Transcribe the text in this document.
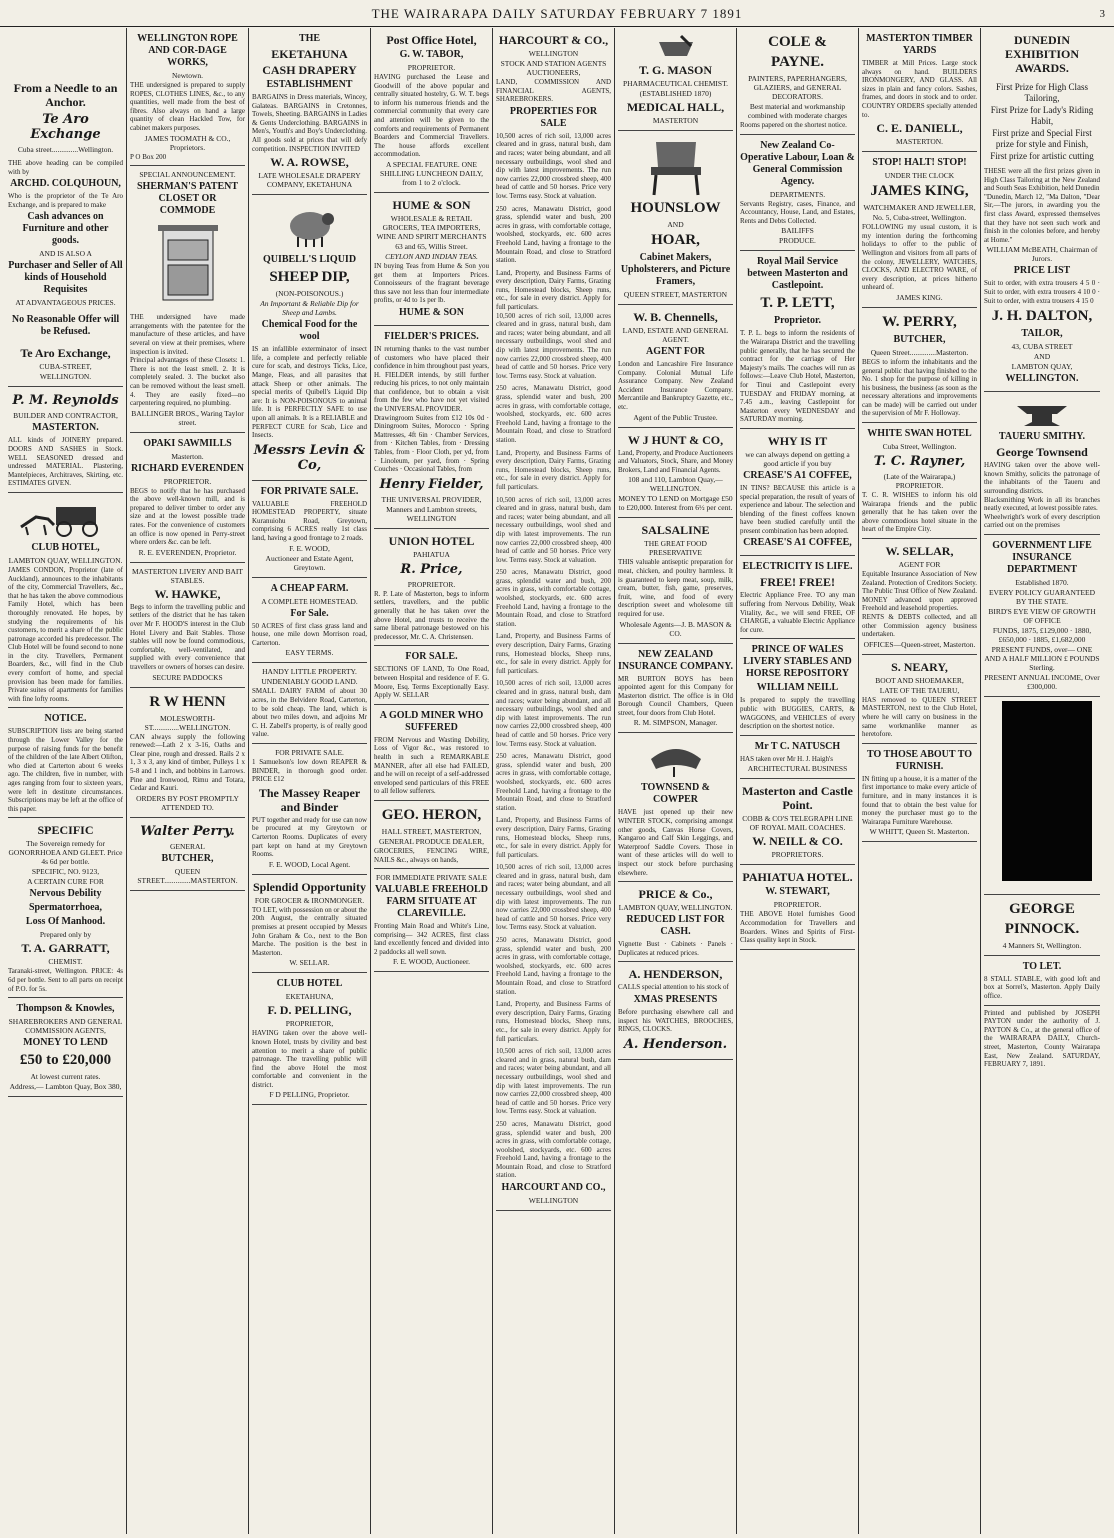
THE WAIRARAPA DAILY SATURDAY FEBRUARY 7 1891	3
From a Needle to an Anchor.
Te Aro Exchange
Cuba street..............Wellington.
THE above heading can be compiled with by
ARCHD. COLQUHOUN,
Who is the proprietor of the Te Aro Exchange, and is prepared to make
Cash advances on Furniture and other goods.
AND IS ALSO A
Purchaser and Seller of All kinds of Household Requisites
AT ADVANTAGEOUS PRICES.
No Reasonable Offer will be Refused.
Te Aro Exchange,
CUBA-STREET,
WELLINGTON.
P. M. Reynolds
BUILDER AND CONTRACTOR,
MASTERTON.
ALL kinds of JOINERY prepared. DOORS AND SASHES in Stock. WELL SEASONED dressed and undressed MATERIAL. Plastering, Mantelpieces, Architraves, Skirting, etc. ESTIMATES GIVEN.
CLUB HOTEL,
LAMBTON QUAY, WELLINGTON.
JAMES CONDON, Proprietor (late of Auckland), announces to the inhabitants of the city, Commercial Travellers, &c., that he has taken the above commodious Family Hotel, which has been thoroughly renovated. He hopes, by studying the requirements of his customers, to merit a share of the public patronage accorded his predecessor. The Club Hotel will be found second to none in the city. Travellers, Permanent Boarders, &c., will find in the Club every comfort of home, and special provision has been made for families. Private suites of apartments for families with fine lofty rooms.
NOTICE.
SUBSCRIPTION lists are being started through the Lower Valley for the purpose of raising funds for the benefit of the children of the late Albert Olifton, who died at Carterton about 6 weeks ago. The children, five in number, with ages ranging from four to sixteen years, were left in destitute circumstances. Subscriptions may be left at the office of this paper.
SPECIFIC
The Sovereign remedy for GONORRHOEA AND GLEET. Price 4s 6d per bottle.
SPECIFIC, NO. 9123,
A CERTAIN CURE FOR
Nervous Debility
Spermatorrhoea,
Loss Of Manhood.
Prepared only by
T. A. GARRATT,
CHEMIST.
Taranaki-street, Wellington. PRICE: 4s 6d per bottle. Sent to all parts on receipt of P.O. for 5s.
Thompson & Knowles,
SHAREBROKERS AND GENERAL COMMISSION AGENTS,
MONEY TO LEND
£50 to £20,000
At lowest current rates.
Address,— Lambton Quay, Box 380,
WELLINGTON ROPE AND COR-DAGE WORKS,
Newtown.
THE undersigned is prepared to supply ROPES, CLOTHES LINES, &c., to any quantities, well made from the best of fibres. Also always on hand a large quantity of clean Hackled Tow, for cabinet makers purposes.
JAMES TOOMATH & CO., Proprietors.
P O Box 200
SPECIAL ANNOUNCEMENT.
SHERMAN'S PATENT CLOSET OR COMMODE
THE undersigned have made arrangements with the patentee for the manufacture of these articles, and have several on view at their premises, where inspection is invited.
Principal advantages of these Closets: 1. There is not the least smell. 2. It is completely sealed. 3. The bucket also can be removed without the least smell. 4. They are easily fixed—no carpentering required, no plumbing.
BALLINGER BROS., Waring Taylor street.
OPAKI SAWMILLS
Masterton.
RICHARD EVERENDEN
PROPRIETOR.
BEGS to notify that he has purchased the above well-known mill, and is prepared to deliver timber to order any size and at the lowest possible trade rates. For the convenience of customers an office is now opened in Perry-street where orders &c. can be left.
R. E. EVERENDEN, Proprietor.
MASTERTON LIVERY AND BAIT STABLES.
W. HAWKE,
Begs to inform the travelling public and settlers of the district that he has taken over Mr F. HOOD'S interest in the Club Hotel Livery and Bait Stables. Those stables will now be found commodious, comfortable, well-ventilated, and supplied with every convenience that travellers or owners of horses can desire.
SECURE PADDOCKS
R W HENN
MOLESWORTH-ST..............WELLINGTON.
CAN always supply the following renewed:—Lath 2 x 3-16, Oaths and Clear pine, rough and dressed. Rails 2 x 1, 3 x 3, any kind of timber, Pulleys 1 x 5-8 and 1 inch, and bobbins in Larrows. Pine and Ironwood, Rimu and Totara, Cedar and Kauri.
ORDERS BY POST PROMPTLY ATTENDED TO.
Walter Perry.
GENERAL
BUTCHER,
QUEEN STREET..............MASTERTON.
THE
EKETAHUNA
CASH DRAPERY
ESTABLISHMENT
BARGAINS in Dress materials, Wincey, Galateas. BARGAINS in Cretonnes, Towels, Sheeting. BARGAINS in Ladies & Gents Underclothing. BARGAINS in Men's, Youth's and Boy's Underclothing. All goods sold at prices that will defy competition. INSPECTION INVITED
W. A. ROWSE,
LATE WHOLESALE DRAPERY COMPANY, EKETAHUNA
QUIBELL'S LIQUID
SHEEP DIP,
(NON-POISONOUS.)
An Important & Reliable Dip for Sheep and Lambs.
Chemical Food for the wool
IS an infallible exterminator of insect life, a complete and perfectly reliable cure for scab, and destroys Ticks, Lice, Mange, Fleas, and all parasites that attack Sheep or other animals. The special merits of Quibell's Liquid Dip are: It is NON-POISONOUS to animal life. It is PERFECTLY SAFE to use upon all animals. It is a RELIABLE and PERFECT CURE for Scab, Lice and Insects.
Messrs Levin & Co,
FOR PRIVATE SALE.
VALUABLE FREEHOLD HOMESTEAD PROPERTY, situate Kuranuiohu Road, Greytown, comprising 6 ACRES really 1st class land, having a good frontage to 2 roads.
F. E. WOOD,
Auctioneer and Estate Agent, Greytown.
A CHEAP FARM.
A COMPLETE HOMESTEAD.
For Sale.
50 ACRES of first class grass land and house, one mile down Morrison road, Carterton.
EASY TERMS.
HANDY LITTLE PROPERTY.
UNDENIABLY GOOD LAND.
SMALL DAIRY FARM of about 30 acres, in the Belvidere Road, Carterton, to be sold cheap. The land, which is about two miles down, and adjoins Mr C. H. Zabell's property, is of really good value.
FOR PRIVATE SALE.
1 Samuelson's low down REAPER & BINDER, in thorough good order. PRICE £12
The Massey Reaper and Binder
PUT together and ready for use can now be procured at my Greytown or Carterton Rooms. Duplicates of every part kept on hand at my Greytown Rooms.
F. E. WOOD, Local Agent.
Splendid Opportunity
FOR GROCER & IRONMONGER.
TO LET, with possession on or about the 20th August, the centrally situated premises at present occupied by Messrs John Graham & Co., next to the Bon Marche. The position is the best in Masterton.
W. SELLAR.
CLUB HOTEL
EKETAHUNA,
F. D. PELLING,
PROPRIETOR,
HAVING taken over the above well-known Hotel, trusts by civility and best attention to merit a share of public patronage. The travelling public will find the above Hotel the most comfortable and convenient in the district.
F D PELLING, Proprietor.
Post Office Hotel,
G. W. TABOR,
PROPRIETOR.
HAVING purchased the Lease and Goodwill of the above popular and centrally situated hostelry, G. W. T. begs to inform his numerous friends and the commercial community that every care and attention will be given to the comforts and requirements of Permanent Boarders and Commercial Travellers. The house affords excellent accommodation.
A SPECIAL FEATURE. ONE SHILLING LUNCHEON DAILY, from 1 to 2 o'clock.
HUME & SON
WHOLESALE & RETAIL GROCERS, TEA IMPORTERS, WINE AND SPIRIT MERCHANTS
63 and 65, Willis Street.
CEYLON AND INDIAN TEAS.
IN buying Teas from Hume & Son you get them at Importers Prices. Connoisseurs of the fragrant beverage thus save not less than four intermediate profits, or 4d to 1s per lb.
HUME & SON
FIELDER'S PRICES.
IN returning thanks to the vast number of customers who have placed their confidence in him throughout past years, H. FIELDER intends, by still further reducing his prices, to not only maintain that confidence, but to obtain a visit from the few who have not yet visited the UNIVERSAL PROVIDER.
Drawingroom Suites from £12 10s 0d · Diningroom Suites, Morocco · Spring Mattresses, 4ft 6in · Chamber Services, from · Kitchen Tables, from · Dressing Tables, from · Floor Cloth, per yd, from · Linoleum, per yard, from · Spring Couches · Occasional Tables, from
Henry Fielder,
THE UNIVERSAL PROVIDER,
Manners and Lambton streets, WELLINGTON
UNION HOTEL
PAHIATUA
R. Price,
PROPRIETOR.
R. P. Late of Masterton, begs to inform settlers, travellers, and the public generally that he has taken over the above Hotel, and trusts to receive the same liberal patronage bestowed on his predecessor, Mr. C. A. Christensen.
FOR SALE.
SECTIONS OF LAND, To One Road, between Hospital and residence of F. G. Moore, Esq. Terms Exceptionally Easy. Apply W. SELLAR
A GOLD MINER WHO SUFFERED
FROM Nervous and Wasting Debility, Loss of Vigor &c., was restored to health in such a REMARKABLE MANNER, after all else had FAILED, and he will on receipt of a self-addressed enveloped send particulars of this FREE to all fellow sufferers.
GEO. HERON,
HALL STREET, MASTERTON,
GENERAL PRODUCE DEALER,
GROCERIES, FENCING WIRE, NAILS &c., always on hands,
FOR IMMEDIATE PRIVATE SALE
VALUABLE FREEHOLD FARM SITUATE AT CLAREVILLE.
Fronting Main Road and White's Line, comprising— 342 ACRES, first class land excellently fenced and divided into 2 paddocks all well sown.
F. E. WOOD, Auctioneer.
HARCOURT & CO.,
WELLINGTON
STOCK AND STATION AGENTS AUCTIONEERS,
LAND, COMMISSION AND FINANCIAL AGENTS, SHAREBROKERS.
PROPERTIES FOR SALE
10,500 acres of rich soil, 13,000 acres cleared and in grass, natural bush, dam and races; water being abundant, and all necessary outbuildings, wool shed and dip with latest improvements. The run now carries 22,000 crossbred sheep, 400 head of cattle and 50 horses. Price very low. Terms easy. Stock at valuation.
250 acres, Manawatu District, good grass, splendid water and bush, 200 acres in grass, with comfortable cottage, woolshed, stockyards, etc. 600 acres Freehold Land, having a frontage to the Mountain Road, and close to Stratford station.
Land, Property, and Business Farms of every description, Dairy Farms, Grazing runs, Homestead blocks, Sheep runs, etc., for sale in every district. Apply for full particulars.
10,500 acres of rich soil, 13,000 acres cleared and in grass, natural bush, dam and races; water being abundant, and all necessary outbuildings, wool shed and dip with latest improvements. The run now carries 22,000 crossbred sheep, 400 head of cattle and 50 horses. Price very low. Terms easy. Stock at valuation.
250 acres, Manawatu District, good grass, splendid water and bush, 200 acres in grass, with comfortable cottage, woolshed, stockyards, etc. 600 acres Freehold Land, having a frontage to the Mountain Road, and close to Stratford station.
Land, Property, and Business Farms of every description, Dairy Farms, Grazing runs, Homestead blocks, Sheep runs, etc., for sale in every district. Apply for full particulars.
10,500 acres of rich soil, 13,000 acres cleared and in grass, natural bush, dam and races; water being abundant, and all necessary outbuildings, wool shed and dip with latest improvements. The run now carries 22,000 crossbred sheep, 400 head of cattle and 50 horses. Price very low. Terms easy. Stock at valuation.
250 acres, Manawatu District, good grass, splendid water and bush, 200 acres in grass, with comfortable cottage, woolshed, stockyards, etc. 600 acres Freehold Land, having a frontage to the Mountain Road, and close to Stratford station.
Land, Property, and Business Farms of every description, Dairy Farms, Grazing runs, Homestead blocks, Sheep runs, etc., for sale in every district. Apply for full particulars.
10,500 acres of rich soil, 13,000 acres cleared and in grass, natural bush, dam and races; water being abundant, and all necessary outbuildings, wool shed and dip with latest improvements. The run now carries 22,000 crossbred sheep, 400 head of cattle and 50 horses. Price very low. Terms easy. Stock at valuation.
250 acres, Manawatu District, good grass, splendid water and bush, 200 acres in grass, with comfortable cottage, woolshed, stockyards, etc. 600 acres Freehold Land, having a frontage to the Mountain Road, and close to Stratford station.
Land, Property, and Business Farms of every description, Dairy Farms, Grazing runs, Homestead blocks, Sheep runs, etc., for sale in every district. Apply for full particulars.
10,500 acres of rich soil, 13,000 acres cleared and in grass, natural bush, dam and races; water being abundant, and all necessary outbuildings, wool shed and dip with latest improvements. The run now carries 22,000 crossbred sheep, 400 head of cattle and 50 horses. Price very low. Terms easy. Stock at valuation.
250 acres, Manawatu District, good grass, splendid water and bush, 200 acres in grass, with comfortable cottage, woolshed, stockyards, etc. 600 acres Freehold Land, having a frontage to the Mountain Road, and close to Stratford station.
Land, Property, and Business Farms of every description, Dairy Farms, Grazing runs, Homestead blocks, Sheep runs, etc., for sale in every district. Apply for full particulars.
10,500 acres of rich soil, 13,000 acres cleared and in grass, natural bush, dam and races; water being abundant, and all necessary outbuildings, wool shed and dip with latest improvements. The run now carries 22,000 crossbred sheep, 400 head of cattle and 50 horses. Price very low. Terms easy. Stock at valuation.
250 acres, Manawatu District, good grass, splendid water and bush, 200 acres in grass, with comfortable cottage, woolshed, stockyards, etc. 600 acres Freehold Land, having a frontage to the Mountain Road, and close to Stratford station.
HARCOURT AND CO.,
WELLINGTON
T. G. MASON
PHARMACEUTICAL CHEMIST.
(ESTABLISHED 1870)
MEDICAL HALL,
MASTERTON
HOUNSLOW
AND
HOAR,
Cabinet Makers, Upholsterers, and Picture Framers,
QUEEN STREET, MASTERTON
W. B. Chennells,
LAND, ESTATE AND GENERAL AGENT.
AGENT FOR
London and Lancashire Fire Insurance Company. Colonial Mutual Life Assurance Company. New Zealand Accident Insurance Company. Mercantile and Bankruptcy Gazette, etc., etc.
Agent of the Public Trustee.
W J HUNT & CO,
Land, Property, and Produce Auctioneers and Valuators, Stock, Share, and Money Brokers, Land and Financial Agents.
108 and 110, Lambton Quay,— WELLINGTON.
MONEY TO LEND on Mortgage £50 to £20,000. Interest from 6½ per cent.
SALSALINE
THE GREAT FOOD PRESERVATIVE
THIS valuable antiseptic preparation for meat, chicken, and poultry harmless. It is guaranteed to keep meat, soup, milk, cream, butter, fish, game, preserves, fruit, wine, and food of every description sweet and wholesome till required for use.
Wholesale Agents—J. B. MASON & CO.
NEW ZEALAND INSURANCE COMPANY.
MR BURTON BOYS has been appointed agent for this Company for Masterton district. The office is in Old Borough Council Chambers, Queen street, four doors from Club Hotel.
R. M. SIMPSON, Manager.
TOWNSEND & COWPER
HAVE just opened up their new WINTER STOCK, comprising amongst other goods, Canvas Horse Covers, Kangaroo and Calf Skin Leggings, and Waterproof Saddle Covers. Those in want of these articles will do well to inspect our stock before purchasing elsewhere.
PRICE & Co.,
LAMBTON QUAY, WELLINGTON.
REDUCED LIST FOR CASH.
Vignette Bust · Cabinets · Panels · Duplicates at reduced prices.
A. HENDERSON,
CALLS special attention to his stock of
XMAS PRESENTS
Before purchasing elsewhere call and inspect his WATCHES, BROOCHES, RINGS, CLOCKS.
A. Henderson.
COLE &
PAYNE.
PAINTERS, PAPERHANGERS, GLAZIERS, and GENERAL DECORATORS.
Best material and workmanship combined with moderate charges
Rooms papered on the shortest notice.
New Zealand Co-Operative Labour, Loan & General Commission Agency.
DEPARTMENTS.
Servants Registry, cases, Finance, and Accountancy, House, Land, and Estates, Rents and Debts Collected.
BAILIFFS
PRODUCE.
Royal Mail Service between Masterton and Castlepoint.
T. P. LETT,
Proprietor.
T. P. L. begs to inform the residents of the Wairarapa District and the travelling public generally, that he has secured the contract for the carriage of Her Majesty's mails. The coaches will run as follows:—Leave Club Hotel, Masterton, for Tinui and Castlepoint every TUESDAY and FRIDAY morning, at 7.45 a.m., leaving Castlepoint for Masterton every WEDNESDAY and SATURDAY morning.
WHY IS IT
we can always depend on getting a good article if you buy
CREASE'S A1 COFFEE,
IN TINS? BECAUSE this article is a special preparation, the result of years of experience and labour. The selection and blending of the finest coffees known have been studied carefully until the present combination has been adopted.
CREASE'S A1 COFFEE,
ELECTRICITY IS LIFE.
FREE! FREE!
Electric Appliance Free. TO any man suffering from Nervous Debility, Weak Vitality, &c., we will send FREE, OF CHARGE, a valuable Electric Appliance for cure.
PRINCE OF WALES LIVERY STABLES AND HORSE REPOSITORY
WILLIAM NEILL
Is prepared to supply the travelling public with BUGGIES, CARTS, & WAGGONS, and VEHICLES of every description on the shortest notice.
Mr T C. NATUSCH
HAS taken over Mr H. J. Haigh's
ARCHITECTURAL BUSINESS
Masterton and Castle Point.
COBB & CO'S TELEGRAPH LINE OF ROYAL MAIL COACHES.
W. NEILL & CO.
PROPRIETORS.
PAHIATUA HOTEL.
W. STEWART,
PROPRIETOR.
THE ABOVE Hotel furnishes Good Accommodation for Travellers and Boarders. Wines and Spirits of First-Class quality kept in Stock.
MASTERTON TIMBER YARDS
TIMBER at Mill Prices. Large stock always on hand. BUILDERS IRONMONGERY, AND GLASS. All sizes in plain and fancy colors. Sashes, frames, and doors in stock and to order. COUNTRY ORDERS specially attended to.
C. E. DANIELL,
MASTERTON.
STOP! HALT! STOP!
UNDER THE CLOCK
JAMES KING,
WATCHMAKER AND JEWELLER,
No. 5, Cuba-street, Wellington.
FOLLOWING my usual custom, it is my intention during the forthcoming holidays to offer to the public of Wellington and visitors from all parts of the colony, JEWELLERY, WATCHES, CLOCKS, AND ELECTRO WARE, of every description, at prices hitherto unheard of.
JAMES KING.
W. PERRY,
BUTCHER,
Queen Street..............Masterton.
BEGS to inform the inhabitants and the general public that having finished to the No. 1 shop for the purpose of killing in his business, the business (as soon as the necessary alterations and improvements can be made) will be carried out under the supervision of Mr F. Holloway.
WHITE SWAN HOTEL
Cuba Street, Wellington.
T. C. Rayner,
(Late of the Wairarapa,) PROPRIETOR.
T. C. R. WISHES to inform his old Wairarapa friends and the public generally that he has taken over the above commodious hotel situate in the heart of the Empire City.
W. SELLAR,
AGENT FOR
Equitable Insurance Association of New Zealand. Protection of Creditors Society. The Public Trust Office of New Zealand. MONEY advanced upon approved Freehold and leasehold properties.
RENTS & DEBTS collected, and all other Commission agency business undertaken.
OFFICES—Queen-street, Masterton.
S. NEARY,
BOOT AND SHOEMAKER,
LATE OF THE TAUERU,
HAS removed to QUEEN STREET MASTERTON, next to the Club Hotel, where he will carry on business in the same workmanlike manner as heretofore.
TO THOSE ABOUT TO FURNISH.
IN fitting up a house, it is a matter of the first importance to make every article of furniture, and in many instances it is found that to obtain the best value for money the purchaser must go to the Wairarapa Furniture Warehouse.
W WHITT, Queen St. Masterton.
DUNEDIN EXHIBITION AWARDS.
First Prize for High Class Tailoring,
First Prize for Lady's Riding Habit,
First prize and Special First prize for style and Finish,
First prize for artistic cutting
THESE were all the first prizes given in High Class Tailoring at the New Zealand and South Seas Exhibition, held Dunedin
"Dunedin, March 12, "Ma Dalton, "Dear Sir,—The jurors, in awarding you the first class Award, expressed themselves that they have not seen such work and finish in the colonies before, and hereby at Home."
WILLIAM McBEATH, Chairman of Jurors.
PRICE LIST
Suit to order, with extra trousers 4 5 0 · Suit to order, with extra trousers 4 10 0 · Suit to order, with extra trousers 4 15 0
J. H. DALTON,
TAILOR,
43, CUBA STREET
AND
LAMBTON QUAY,
WELLINGTON.
TAUERU SMITHY.
George Townsend
HAVING taken over the above well-known Smithy, solicits the patronage of the inhabitants of the Taueru and surrounding districts.
Blacksmithing Work in all its branches neatly executed, at lowest possible rates.
Wheelwright's work of every description carried out on the premises
GOVERNMENT LIFE INSURANCE DEPARTMENT
Established 1870.
EVERY POLICY GUARANTEED BY THE STATE.
BIRD'S EYE VIEW OF GROWTH OF OFFICE
FUNDS, 1875, £129,000 · 1880, £650,000 · 1885, £1,682,000
PRESENT FUNDS, over— ONE AND A HALF MILLION £ POUNDS Sterling.
PRESENT ANNUAL INCOME, Over £300,000.
GEORGE
PINNOCK.
4 Manners St, Wellington.
TO LET.
8 STALL STABLE, with good loft and box at Sorrel's, Masterton. Apply Daily office.
Printed and published by JOSEPH PAYTON under the authority of J. PAYTON & Co., at the general office of the WAIRARAPA DAILY, Church-street, Masterton, County Wairarapa East, New Zealand. SATURDAY, FEBRUARY 7, 1891.
